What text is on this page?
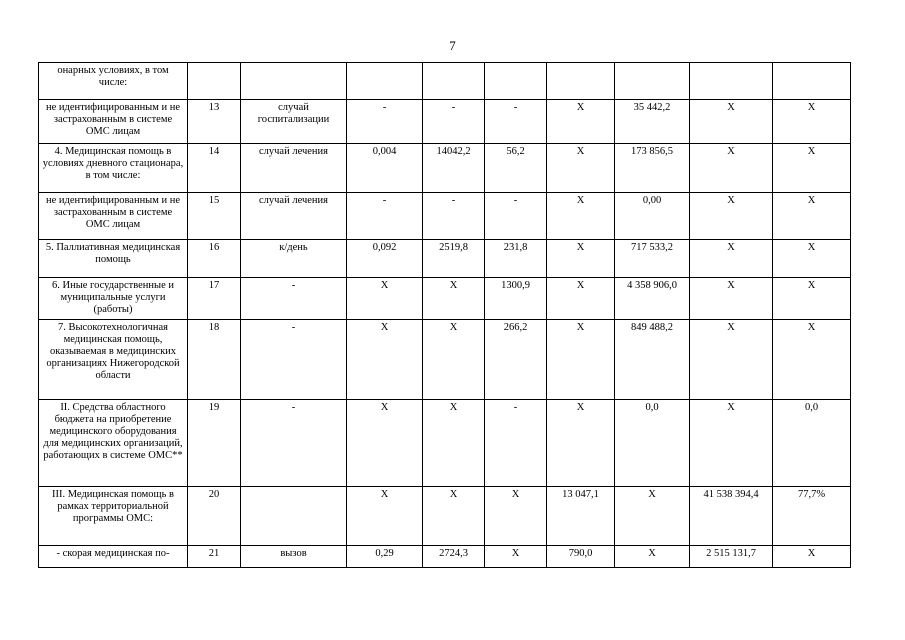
7
онарных условиях, в том числе:									
не идентифицированным и не застрахованным в системе ОМС лицам	13	случай госпитализации	-	-	-	Х	35 442,2	Х	Х
4. Медицинская помощь в условиях дневного стационара, в том числе:	14	случай лечения	0,004	14042,2	56,2	Х	173 856,5	Х	Х
не идентифицированным и не застрахованным в системе ОМС лицам	15	случай лечения	-	-	-	Х	0,00	Х	Х
5. Паллиативная медицинская помощь	16	к/день	0,092	2519,8	231,8	Х	717 533,2	Х	Х
6. Иные государственные и муниципальные услуги (работы)	17	-	Х	Х	1300,9	Х	4 358 906,0	Х	Х
7. Высокотехнологичная медицинская помощь, оказываемая в медицинских организациях Нижегородской области	18	-	Х	Х	266,2	Х	849 488,2	Х	Х
II. Средства областного бюджета на приобретение медицинского оборудования для медицинских организаций, работающих в системе ОМС**	19	-	Х	Х	-	Х	0,0	Х	0,0
III. Медицинская помощь в рамках территориальной программы ОМС:	20		Х	Х	Х	13 047,1	Х	41 538 394,4	77,7%
- скорая медицинская по-	21	вызов	0,29	2724,3	Х	790,0	Х	2 515 131,7	Х
